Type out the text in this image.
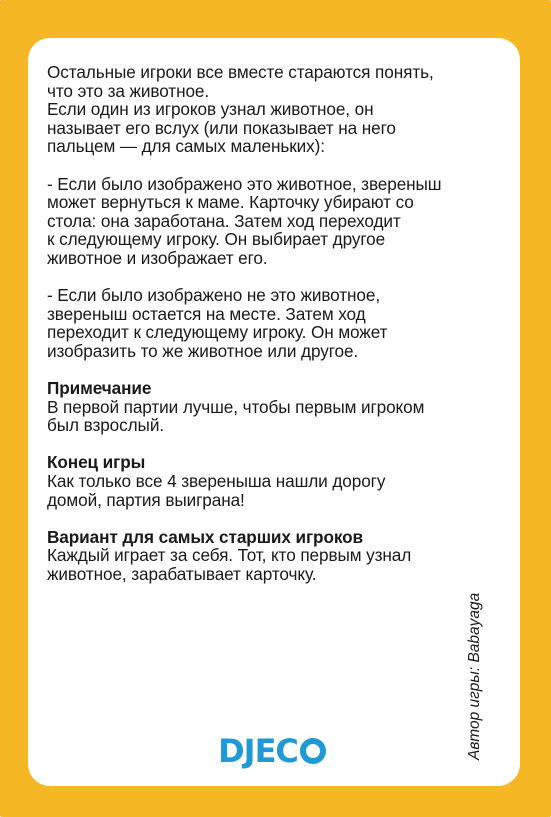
Остальные игроки все вместе стараются понять,
что это за животное.
Если один из игроков узнал животное, он
называет его вслух (или показывает на него
пальцем — для самых маленьких):

- Если было изображено это животное, звереныш
может вернуться к маме. Карточку убирают со
стола: она заработана. Затем ход переходит
к следующему игроку. Он выбирает другое
животное и изображает его.

- Если было изображено не это животное,
звереныш остается на месте. Затем ход
переходит к следующему игроку. Он может
изобразить то же животное или другое.

Примечание
В первой партии лучше, чтобы первым игроком
был взрослый.
Конец игры
Как только все 4 звереныша нашли дорогу
домой, партия выиграна!
Вариант для самых старших игроков
Каждый играет за себя. Тот, кто первым узнал
животное, зарабатывает карточку.
DJEC	Автор игры: Babayaga
